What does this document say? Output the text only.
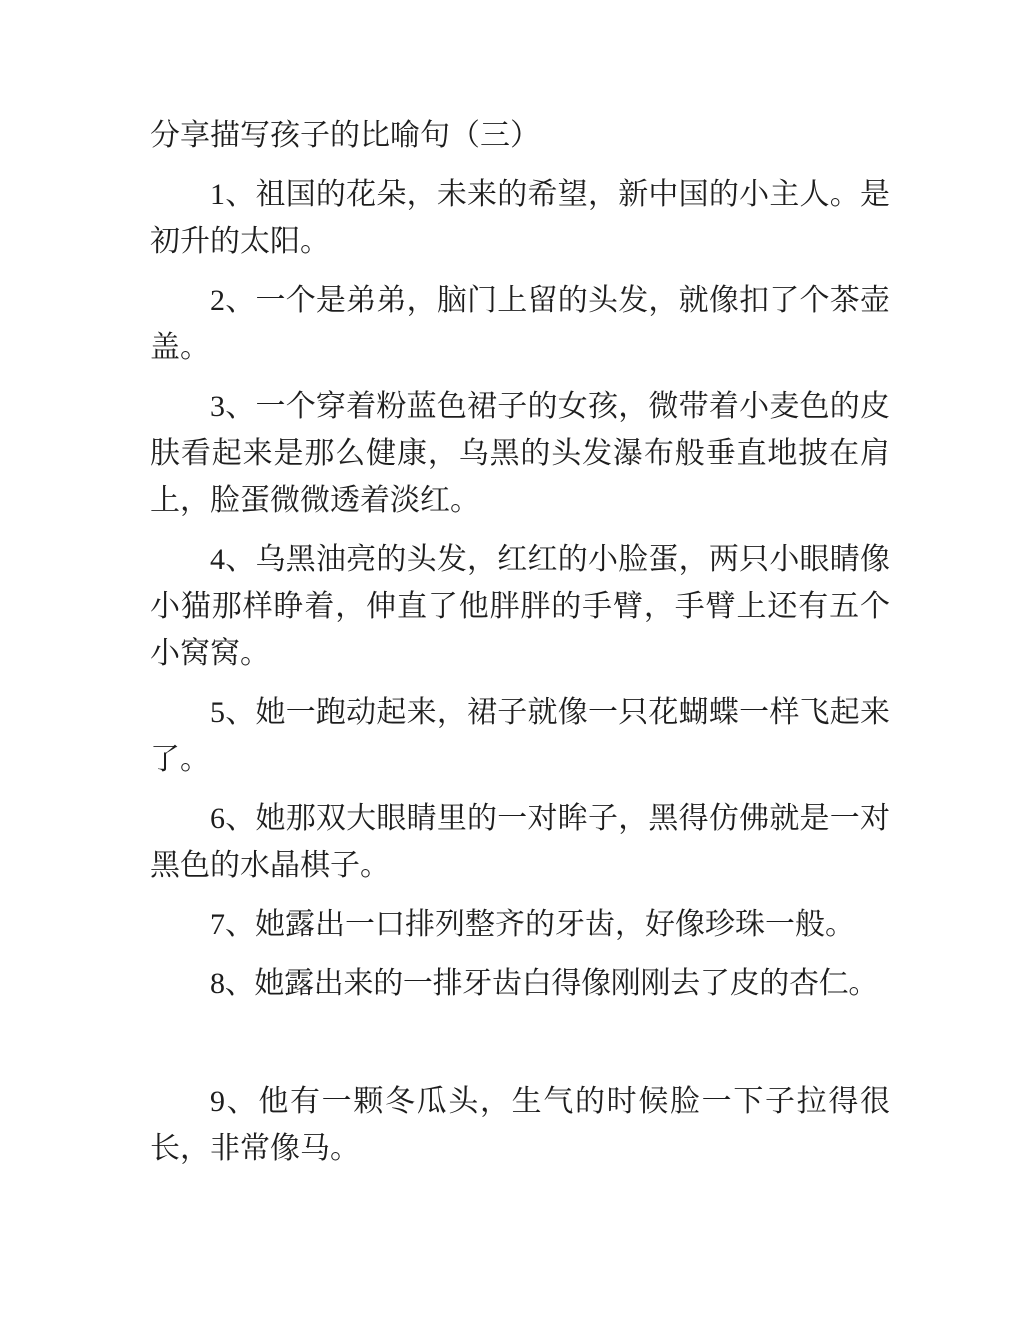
分享描写孩子的比喻句（三）

1、祖国的花朵，未来的希望，新中国的小主人。是初升的太阳。

2、一个是弟弟，脑门上留的头发，就像扣了个茶壶盖。

3、一个穿着粉蓝色裙子的女孩，微带着小麦色的皮肤看起来是那么健康，乌黑的头发瀑布般垂直地披在肩上，脸蛋微微透着淡红。

4、乌黑油亮的头发，红红的小脸蛋，两只小眼睛像小猫那样睁着，伸直了他胖胖的手臂，手臂上还有五个小窝窝。

5、她一跑动起来，裙子就像一只花蝴蝶一样飞起来了。

6、她那双大眼睛里的一对眸子，黑得仿佛就是一对黑色的水晶棋子。

7、她露出一口排列整齐的牙齿，好像珍珠一般。

8、她露出来的一排牙齿白得像刚刚去了皮的杏仁。

9、他有一颗冬瓜头，生气的时候脸一下子拉得很长，非常像马。
